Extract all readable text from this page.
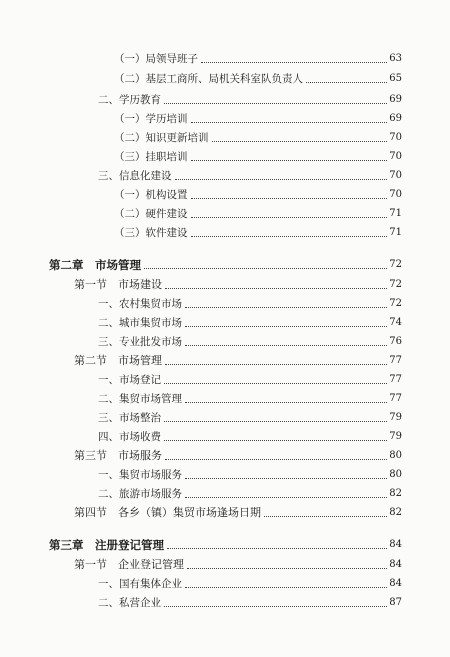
（一）局领导班子	63
（二）基层工商所、局机关科室队负责人	65
二、学历教育	69
（一）学历培训	69
（二）知识更新培训	70
（三）挂职培训	70
三、信息化建设	70
（一）机构设置	70
（二）硬件建设	71
（三）软件建设	71
第二章　市场管理	72
第一节　市场建设	72
一、农村集贸市场	72
二、城市集贸市场	74
三、专业批发市场	76
第二节　市场管理	77
一、市场登记	77
二、集贸市场管理	77
三、市场整治	79
四、市场收费	79
第三节　市场服务	80
一、集贸市场服务	80
二、旅游市场服务	82
第四节　各乡（镇）集贸市场逢场日期	82
第三章　注册登记管理	84
第一节　企业登记管理	84
一、国有集体企业	84
二、私营企业	87
